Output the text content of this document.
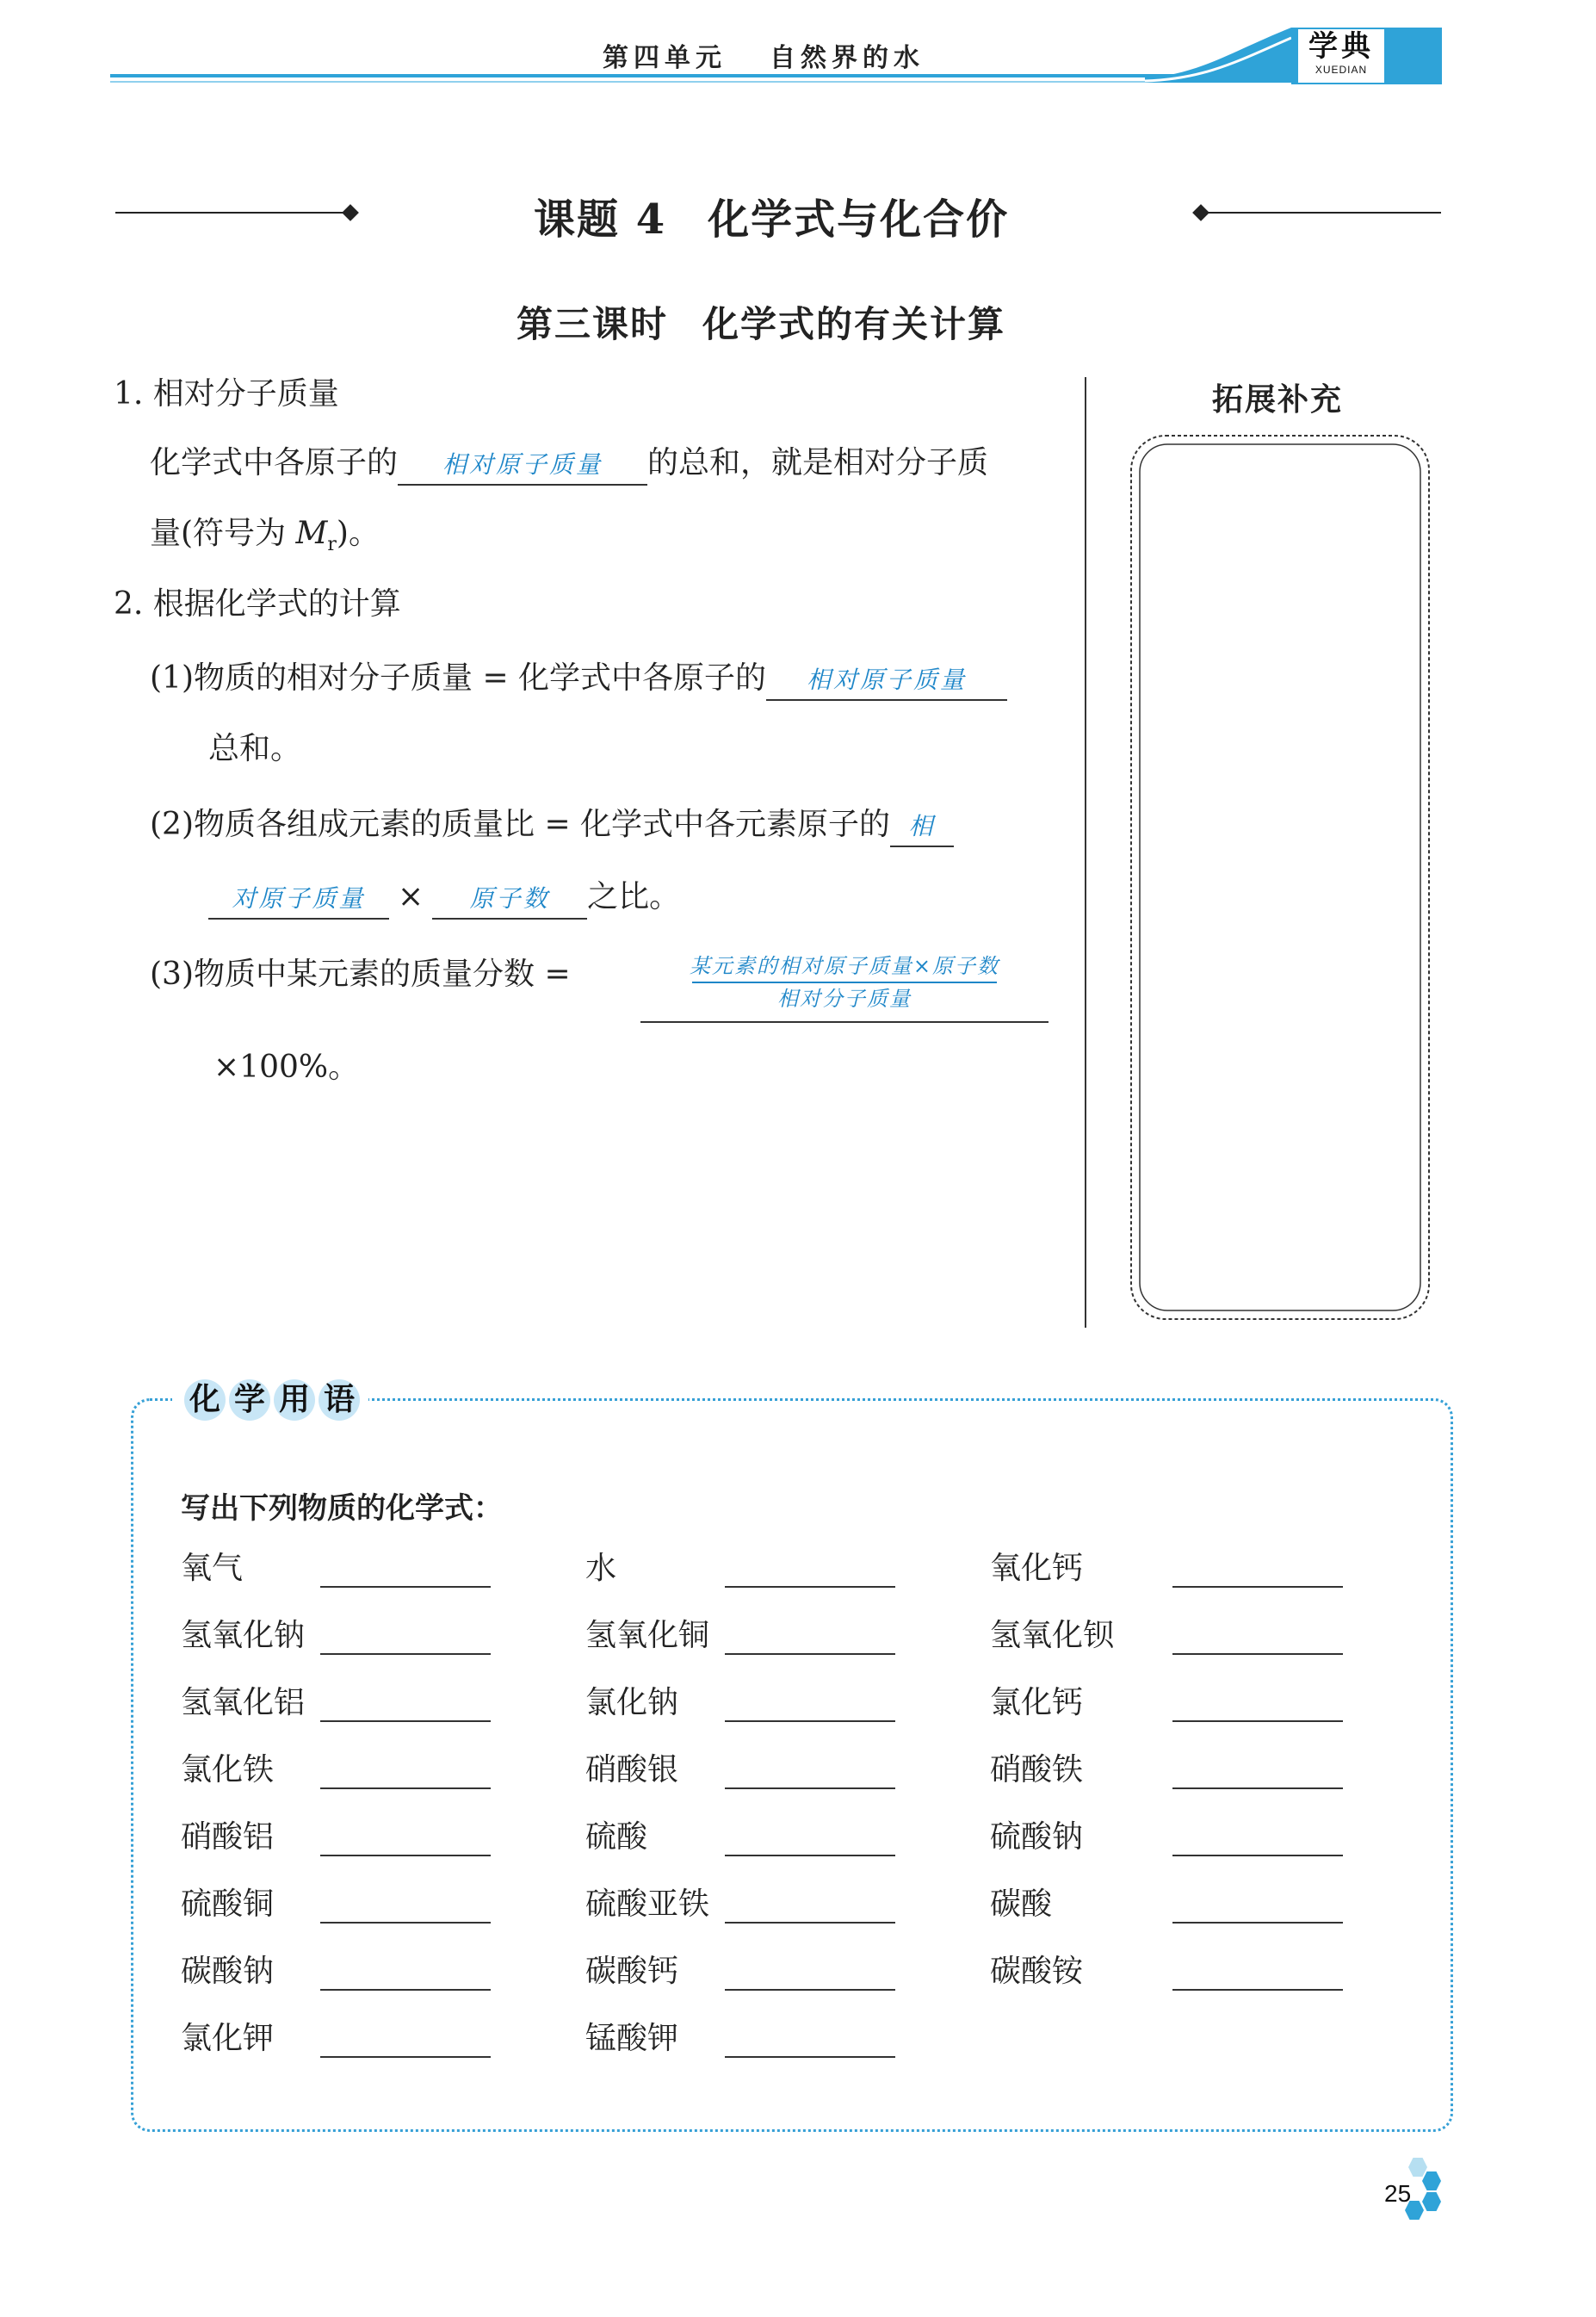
第四单元 自然界的水	学典
XUEDIAN
课题 4 化学式与化合价
第三课时 化学式的有关计算
1. 相对分子质量
化学式中各原子的 相对原子质量 的总和，就是相对分子质
量(符号为 $M_r$)。
2. 根据化学式的计算
(1)物质的相对分子质量 = 化学式中各原子的 相对原子质量
总和。
(2)物质各组成元素的质量比 = 化学式中各元素原子的 相
对原子质量 × 原子数 之比。
(3)物质中某元素的质量分数 =	某元素的相对原子质量×原子数
相对分子质量
×100%。
拓展补充
化 学 用 语
写出下列物质的化学式：
氧气	水	氧化钙
氢氧化钠	氢氧化铜	氢氧化钡
氢氧化铝	氯化钠	氯化钙
氯化铁	硝酸银	硝酸铁
硝酸铝	硫酸	硫酸钠
硫酸铜	硫酸亚铁	碳酸
碳酸钠	碳酸钙	碳酸铵
氯化钾	锰酸钾
25
